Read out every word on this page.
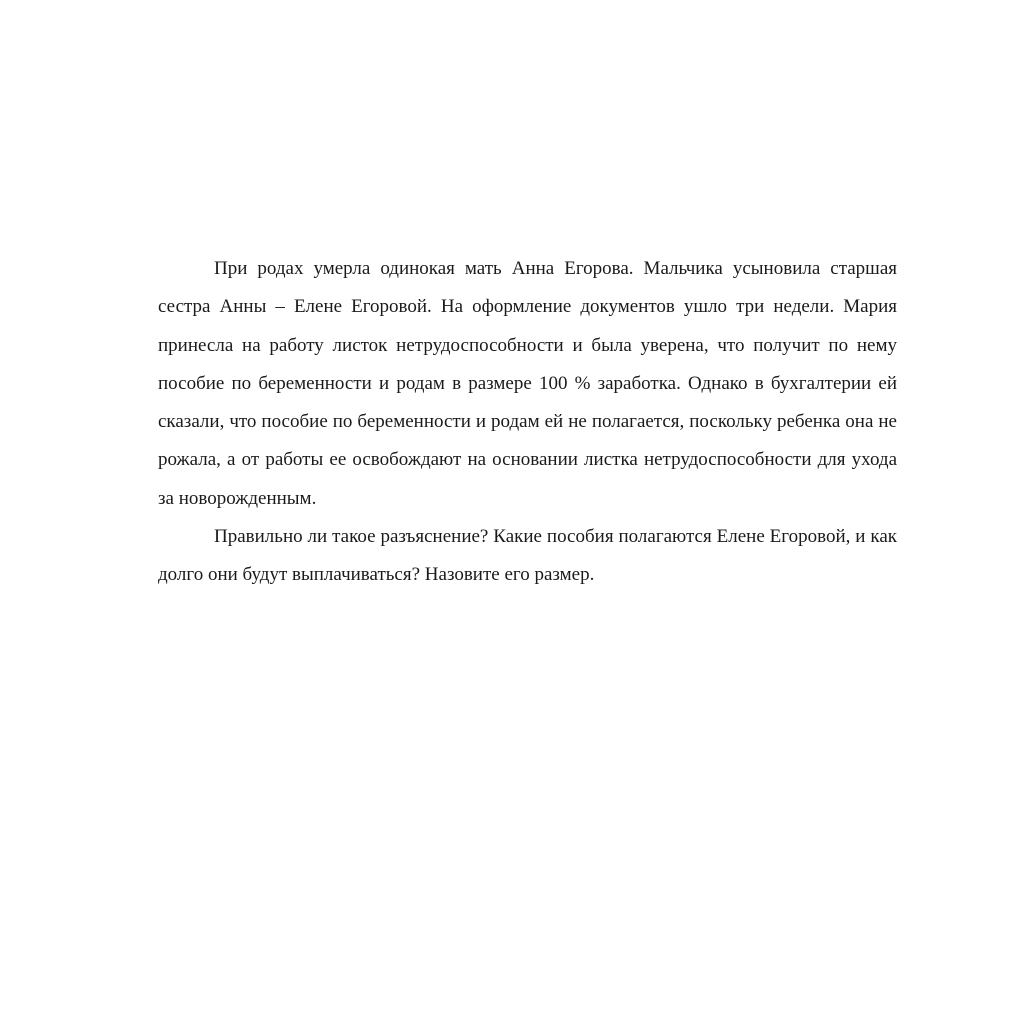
При родах умерла одинокая мать Анна Егорова. Мальчика усыновила старшая сестра Анны – Елене Егоровой. На оформление документов ушло три недели. Мария принесла на работу листок нетрудоспособности и была уверена, что получит по нему пособие по беременности и родам в размере 100 % заработка. Однако в бухгалтерии ей сказали, что пособие по беременности и родам ей не полагается, поскольку ребенка она не рожала, а от работы ее освобождают на основании листка нетрудоспособности для ухода за новорожденным.

Правильно ли такое разъяснение? Какие пособия полагаются Елене Егоровой, и как долго они будут выплачиваться? Назовите его размер.
